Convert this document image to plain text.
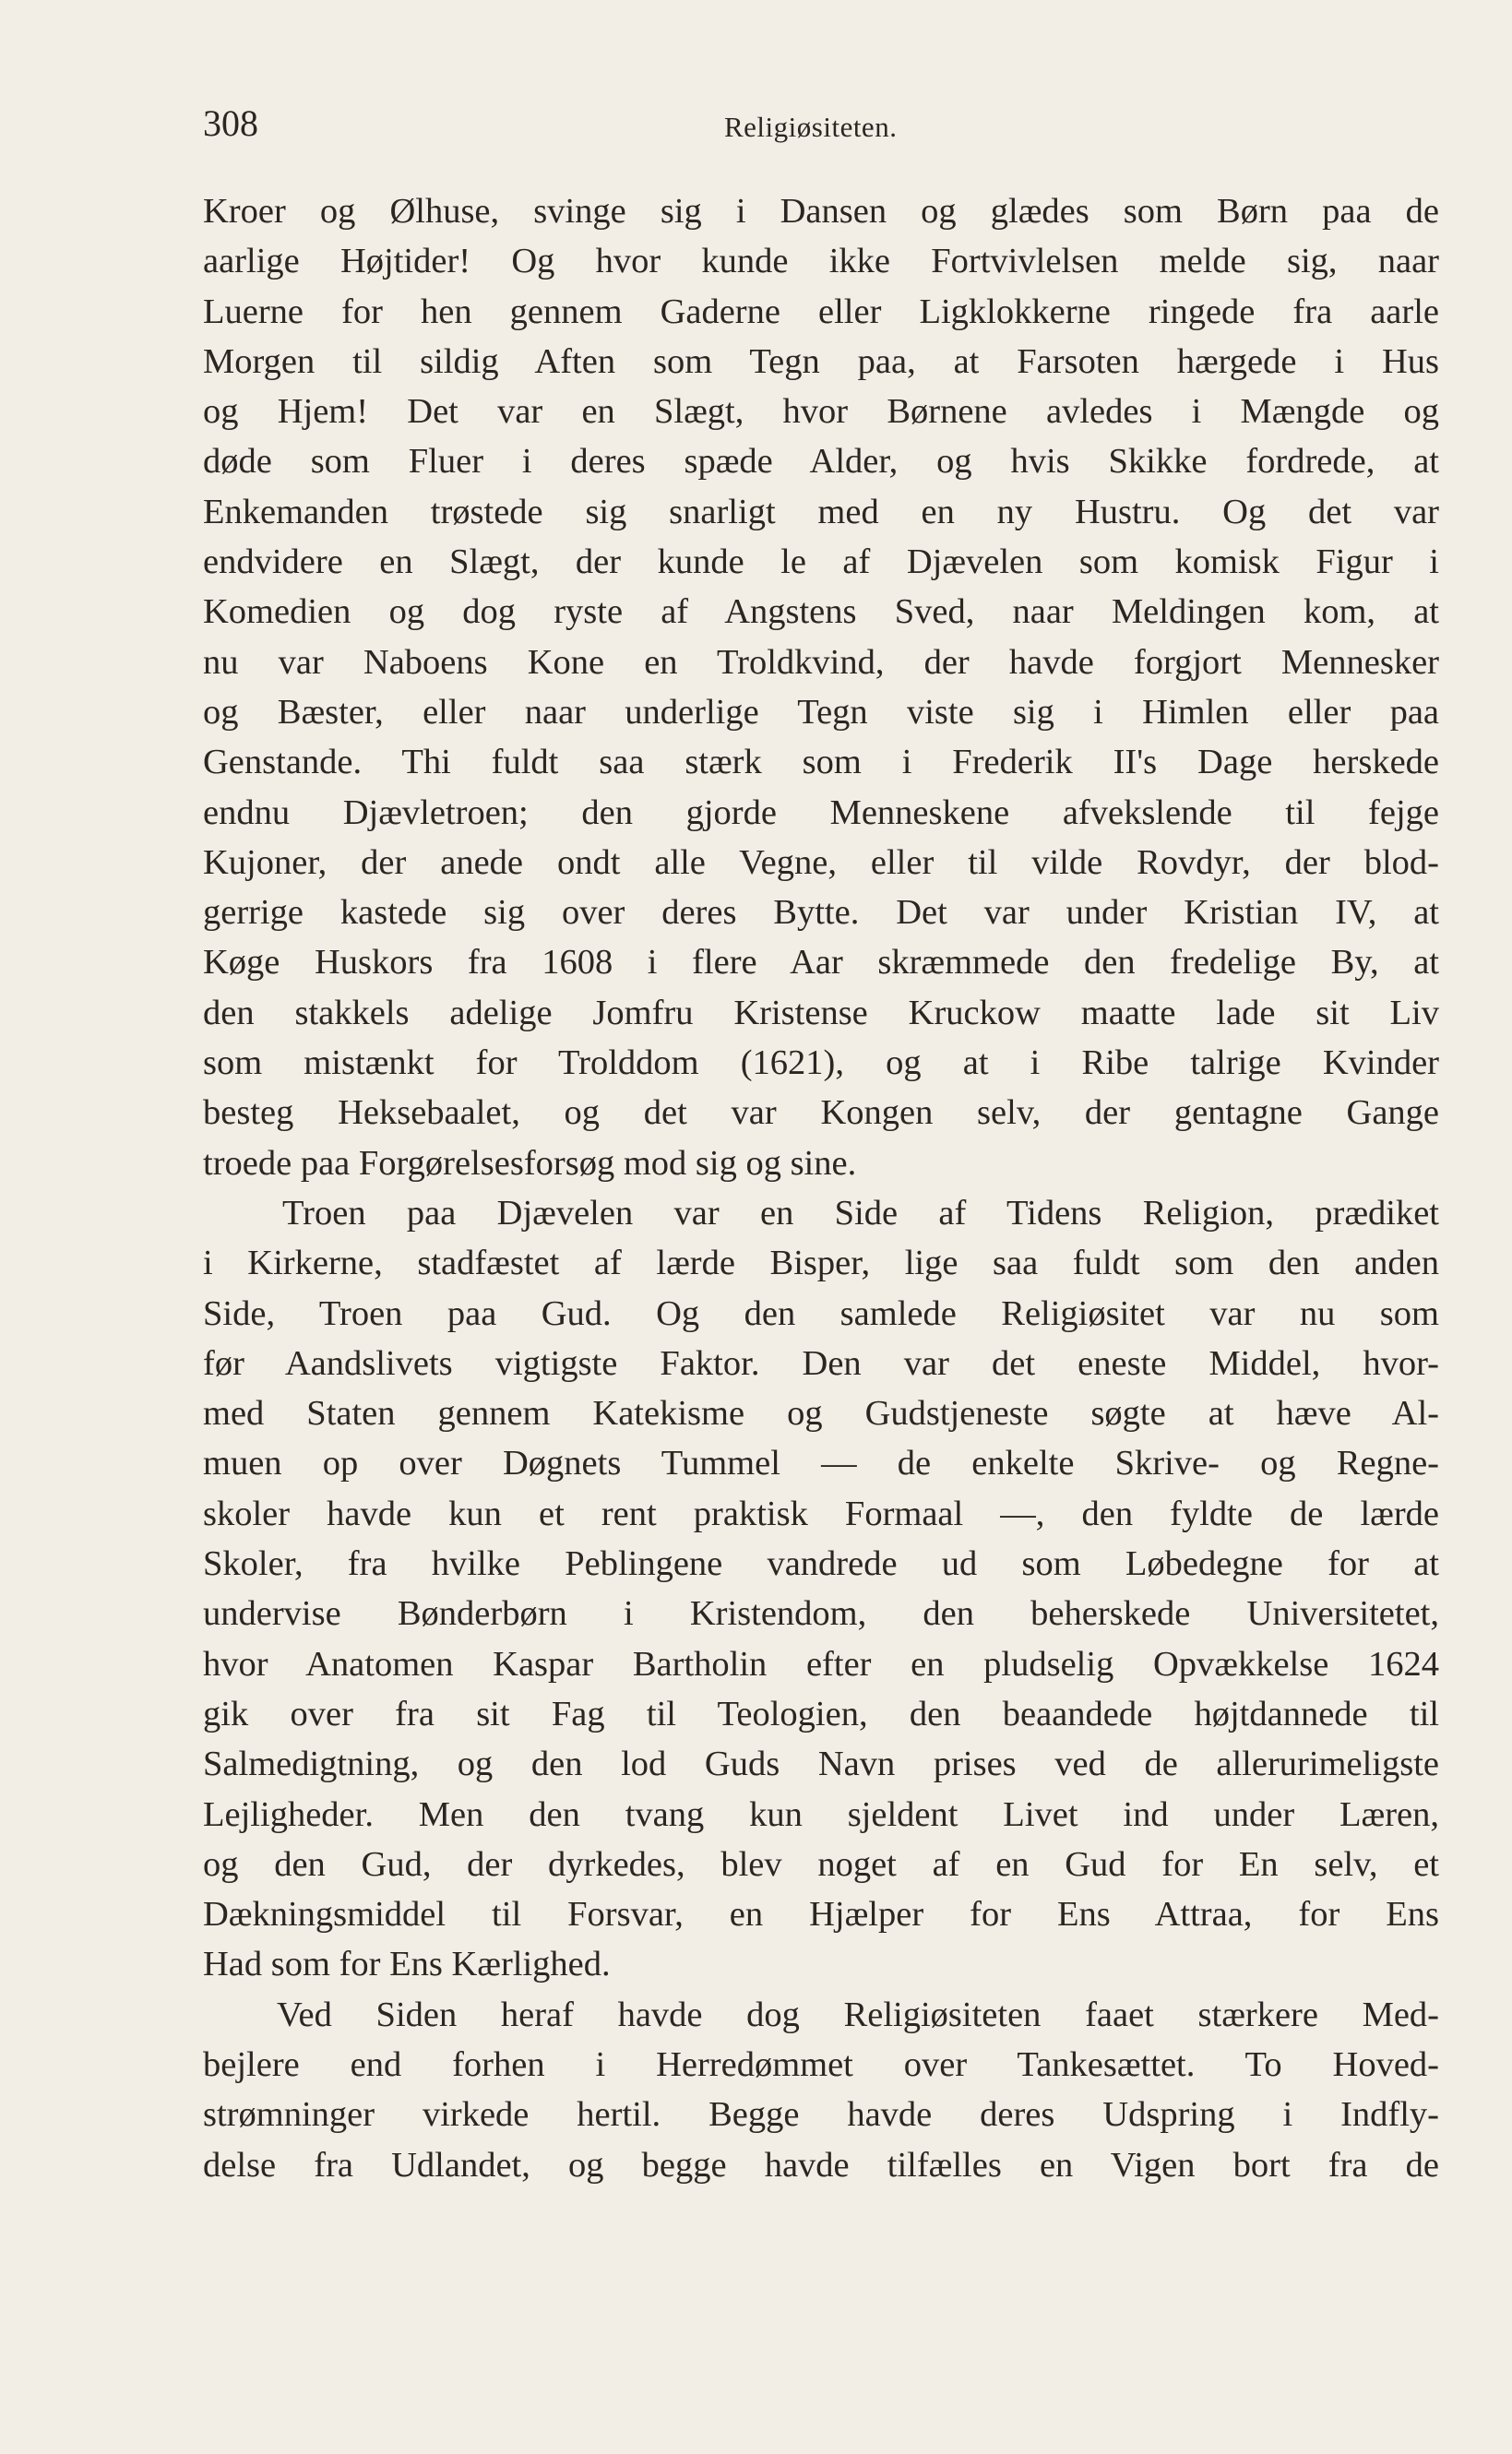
308	Religiøsiteten.
Kroer og Ølhuse, svinge sig i Dansen og glædes som Børn paa de
aarlige Højtider! Og hvor kunde ikke Fortvivlelsen melde sig, naar
Luerne for hen gennem Gaderne eller Ligklokkerne ringede fra aarle
Morgen til sildig Aften som Tegn paa, at Farsoten hærgede i Hus
og Hjem! Det var en Slægt, hvor Børnene avledes i Mængde og
døde som Fluer i deres spæde Alder, og hvis Skikke fordrede, at
Enkemanden trøstede sig snarligt med en ny Hustru. Og det var
endvidere en Slægt, der kunde le af Djævelen som komisk Figur i
Komedien og dog ryste af Angstens Sved, naar Meldingen kom, at
nu var Naboens Kone en Troldkvind, der havde forgjort Mennesker
og Bæster, eller naar underlige Tegn viste sig i Himlen eller paa
Genstande. Thi fuldt saa stærk som i Frederik II's Dage herskede
endnu Djævletroen; den gjorde Menneskene afvekslende til fejge
Kujoner, der anede ondt alle Vegne, eller til vilde Rovdyr, der blod-
gerrige kastede sig over deres Bytte. Det var under Kristian IV, at
Køge Huskors fra 1608 i flere Aar skræmmede den fredelige By, at
den stakkels adelige Jomfru Kristense Kruckow maatte lade sit Liv
som mistænkt for Trolddom (1621), og at i Ribe talrige Kvinder
besteg Heksebaalet, og det var Kongen selv, der gentagne Gange
troede paa Forgørelsesforsøg mod sig og sine.
Troen paa Djævelen var en Side af Tidens Religion, prædiket
i Kirkerne, stadfæstet af lærde Bisper, lige saa fuldt som den anden
Side, Troen paa Gud. Og den samlede Religiøsitet var nu som
før Aandslivets vigtigste Faktor. Den var det eneste Middel, hvor-
med Staten gennem Katekisme og Gudstjeneste søgte at hæve Al-
muen op over Døgnets Tummel — de enkelte Skrive- og Regne-
skoler havde kun et rent praktisk Formaal —, den fyldte de lærde
Skoler, fra hvilke Peblingene vandrede ud som Løbedegne for at
undervise Bønderbørn i Kristendom, den beherskede Universitetet,
hvor Anatomen Kaspar Bartholin efter en pludselig Opvækkelse 1624
gik over fra sit Fag til Teologien, den beaandede højtdannede til
Salmedigtning, og den lod Guds Navn prises ved de allerurimeligste
Lejligheder. Men den tvang kun sjeldent Livet ind under Læren,
og den Gud, der dyrkedes, blev noget af en Gud for En selv, et
Dækningsmiddel til Forsvar, en Hjælper for Ens Attraa, for Ens
Had som for Ens Kærlighed.
Ved Siden heraf havde dog Religiøsiteten faaet stærkere Med-
bejlere end forhen i Herredømmet over Tankesættet. To Hoved-
strømninger virkede hertil. Begge havde deres Udspring i Indfly-
delse fra Udlandet, og begge havde tilfælles en Vigen bort fra de
